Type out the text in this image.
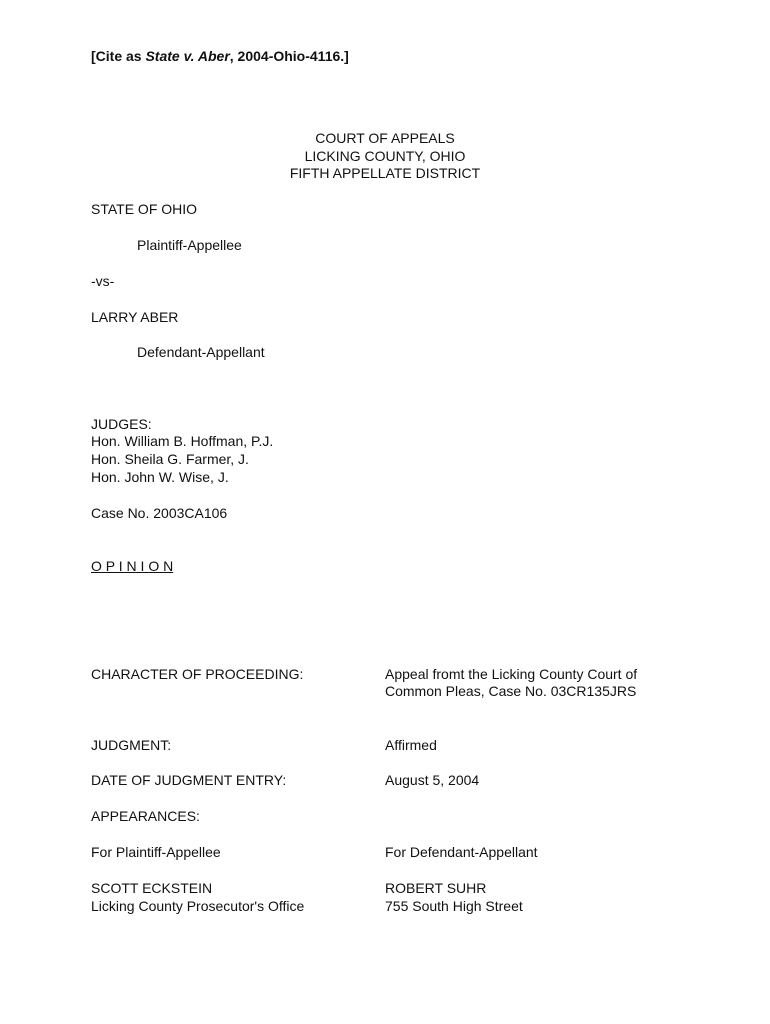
[Cite as State v. Aber, 2004-Ohio-4116.]
COURT OF APPEALS
LICKING COUNTY, OHIO
FIFTH APPELLATE DISTRICT
STATE OF OHIO
Plaintiff-Appellee
-vs-
LARRY ABER
Defendant-Appellant
JUDGES:
Hon. William B. Hoffman, P.J.
Hon. Sheila G. Farmer, J.
Hon. John W. Wise, J.
Case No. 2003CA106
O P I N I O N
CHARACTER OF PROCEEDING:	Appeal fromt the Licking County Court of
Common Pleas, Case No. 03CR135JRS
JUDGMENT:	Affirmed
DATE OF JUDGMENT ENTRY:	August 5, 2004
APPEARANCES:
For Plaintiff-Appellee	For Defendant-Appellant
SCOTT ECKSTEIN	ROBERT SUHR
Licking County Prosecutor's Office	755 South High Street
